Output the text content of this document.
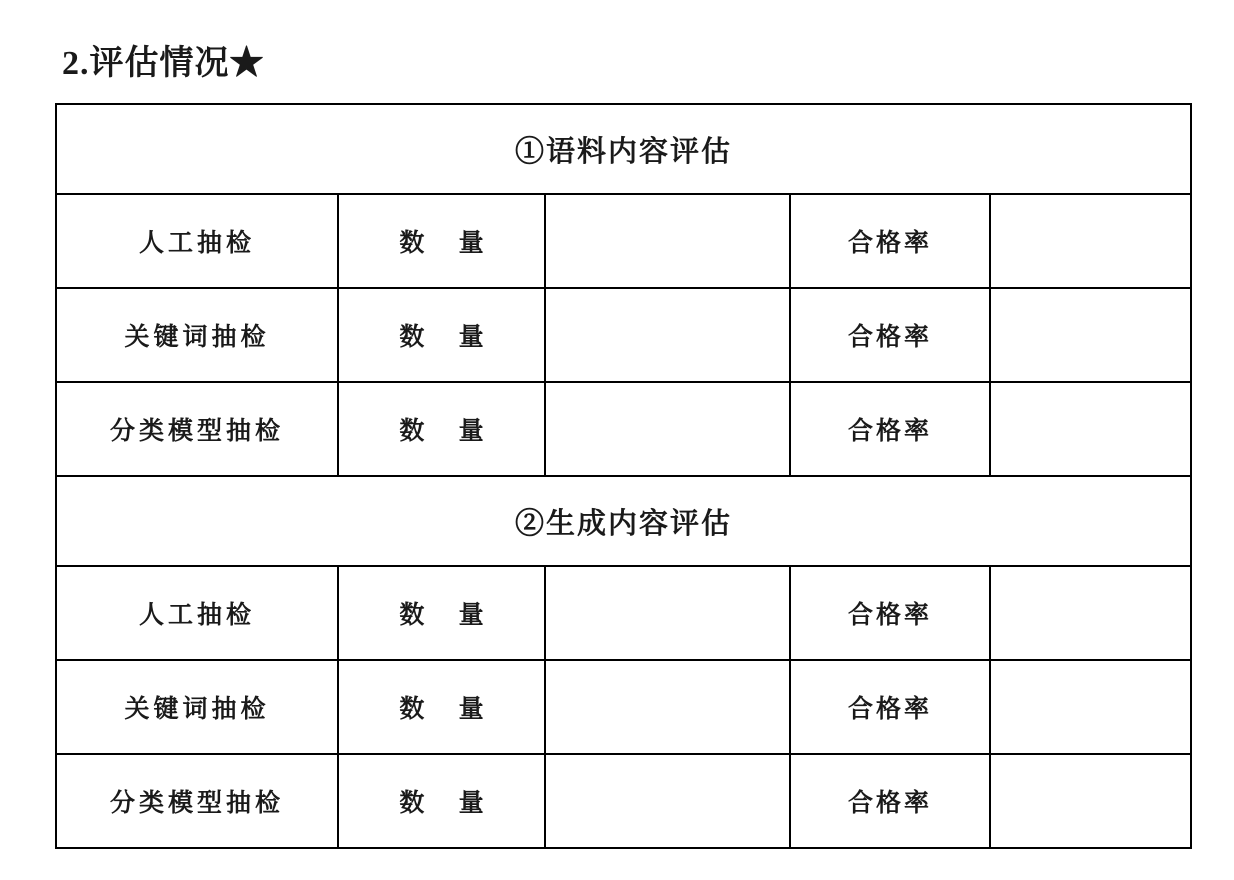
2.评估情况★
①语料内容评估				
人工抽检	数 量		合格率	
关键词抽检	数 量		合格率	
分类模型抽检	数 量		合格率	
②生成内容评估				
人工抽检	数 量		合格率	
关键词抽检	数 量		合格率	
分类模型抽检	数 量		合格率	
